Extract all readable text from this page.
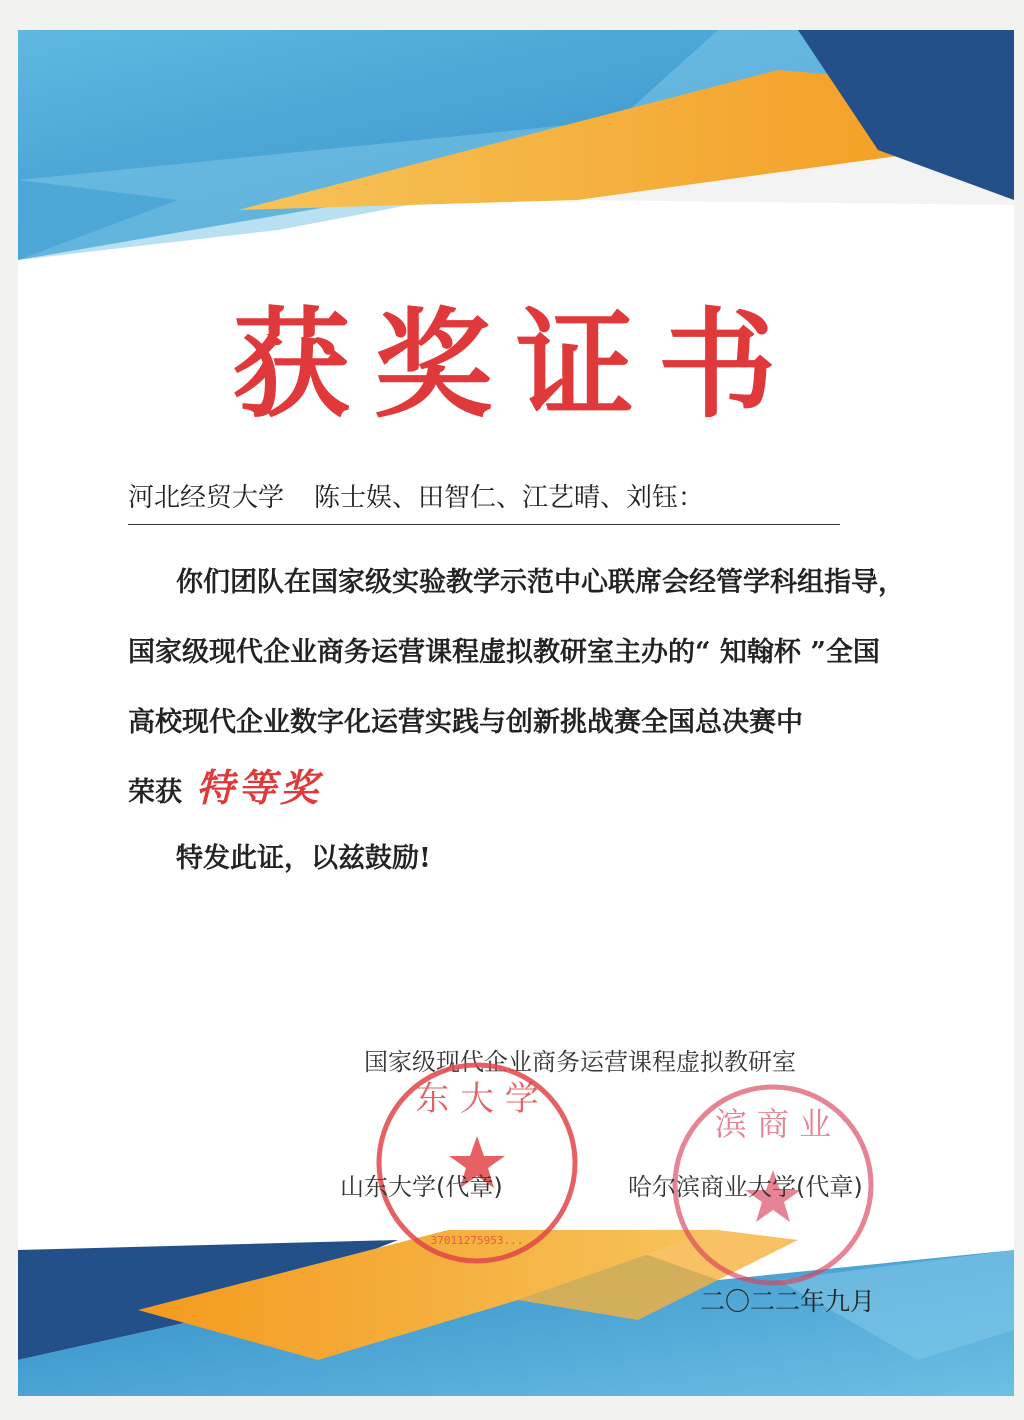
获奖证书
河北经贸大学 陈士娱、田智仁、江艺晴、刘钰：
你们团队在国家级实验教学示范中心联席会经管学科组指导，
国家级现代企业商务运营课程虚拟教研室主办的“ 知翰杯 ”全国
高校现代企业数字化运营实践与创新挑战赛全国总决赛中
荣获 特等奖
特发此证，以兹鼓励!
国家级现代企业商务运营课程虚拟教研室
东 大 学
37011275953...
滨 商 业
山东大学(代章)	哈尔滨商业大学(代章)
二〇二二年九月
